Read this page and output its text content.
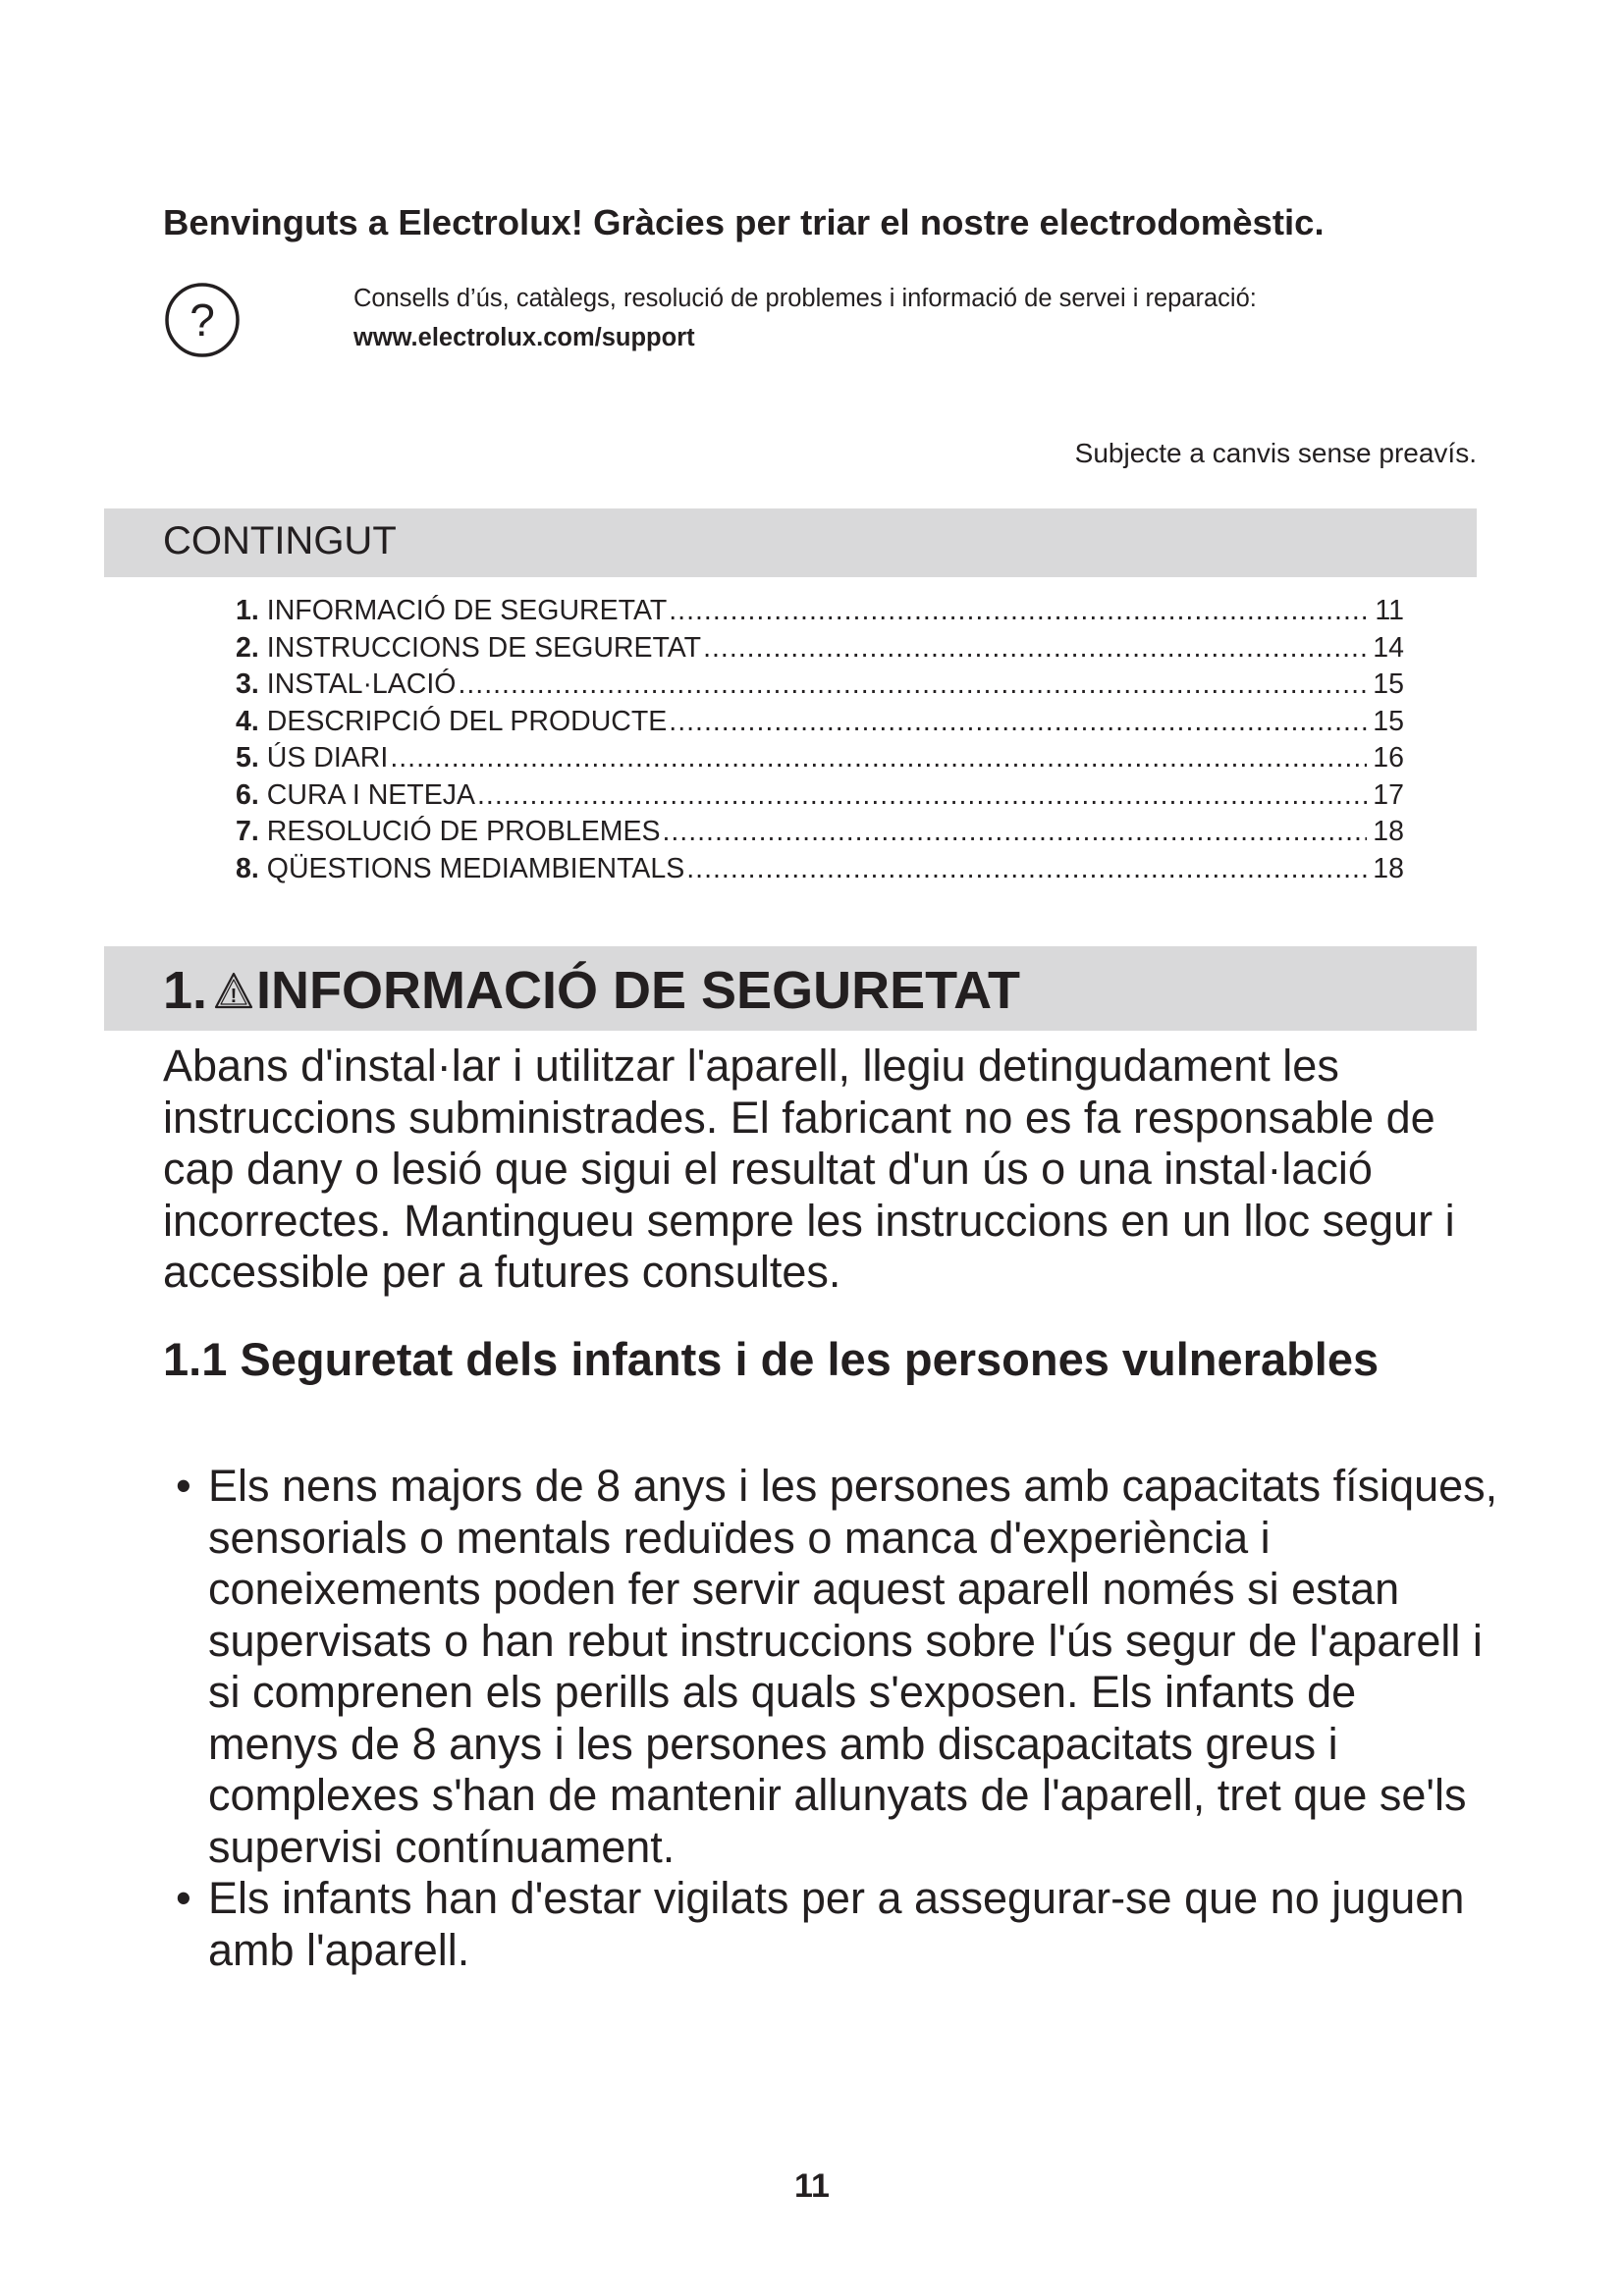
Benvinguts a Electrolux! Gràcies per triar el nostre electrodomèstic.
?	Consells d’ús, catàlegs, resolució de problemes i informació de servei i reparació:
www.electrolux.com/support
Subjecte a canvis sense preavís.
CONTINGUT
1. INFORMACIÓ DE SEGURETAT .....	11
2. INSTRUCCIONS DE SEGURETAT .....	14
3. INSTAL·LACIÓ .....	15
4. DESCRIPCIÓ DEL PRODUCTE .....	15
5. ÚS DIARI .....	16
6. CURA I NETEJA .....	17
7. RESOLUCIÓ DE PROBLEMES .....	18
8. QÜESTIONS MEDIAMBIENTALS .....	18
1. ! INFORMACIÓ DE SEGURETAT

Abans d'instal·lar i utilitzar l'aparell, llegiu detingudament les instruccions subministrades. El fabricant no es fa responsable de cap dany o lesió que sigui el resultat d'un ús o una instal·lació incorrectes. Mantingueu sempre les instruccions en un lloc segur i accessible per a futures consultes.

1.1 Seguretat dels infants i de les persones vulnerables
• Els nens majors de 8 anys i les persones amb capacitats físiques, sensorials o mentals reduïdes o manca d'experiència i coneixements poden fer servir aquest aparell només si estan supervisats o han rebut instruccions sobre l'ús segur de l'aparell i si comprenen els perills als quals s'exposen. Els infants de menys de 8 anys i les persones amb discapacitats greus i complexes s'han de mantenir allunyats de l'aparell, tret que se'ls supervisi contínuament.
• Els infants han d'estar vigilats per a assegurar-se que no juguen amb l'aparell.
11
